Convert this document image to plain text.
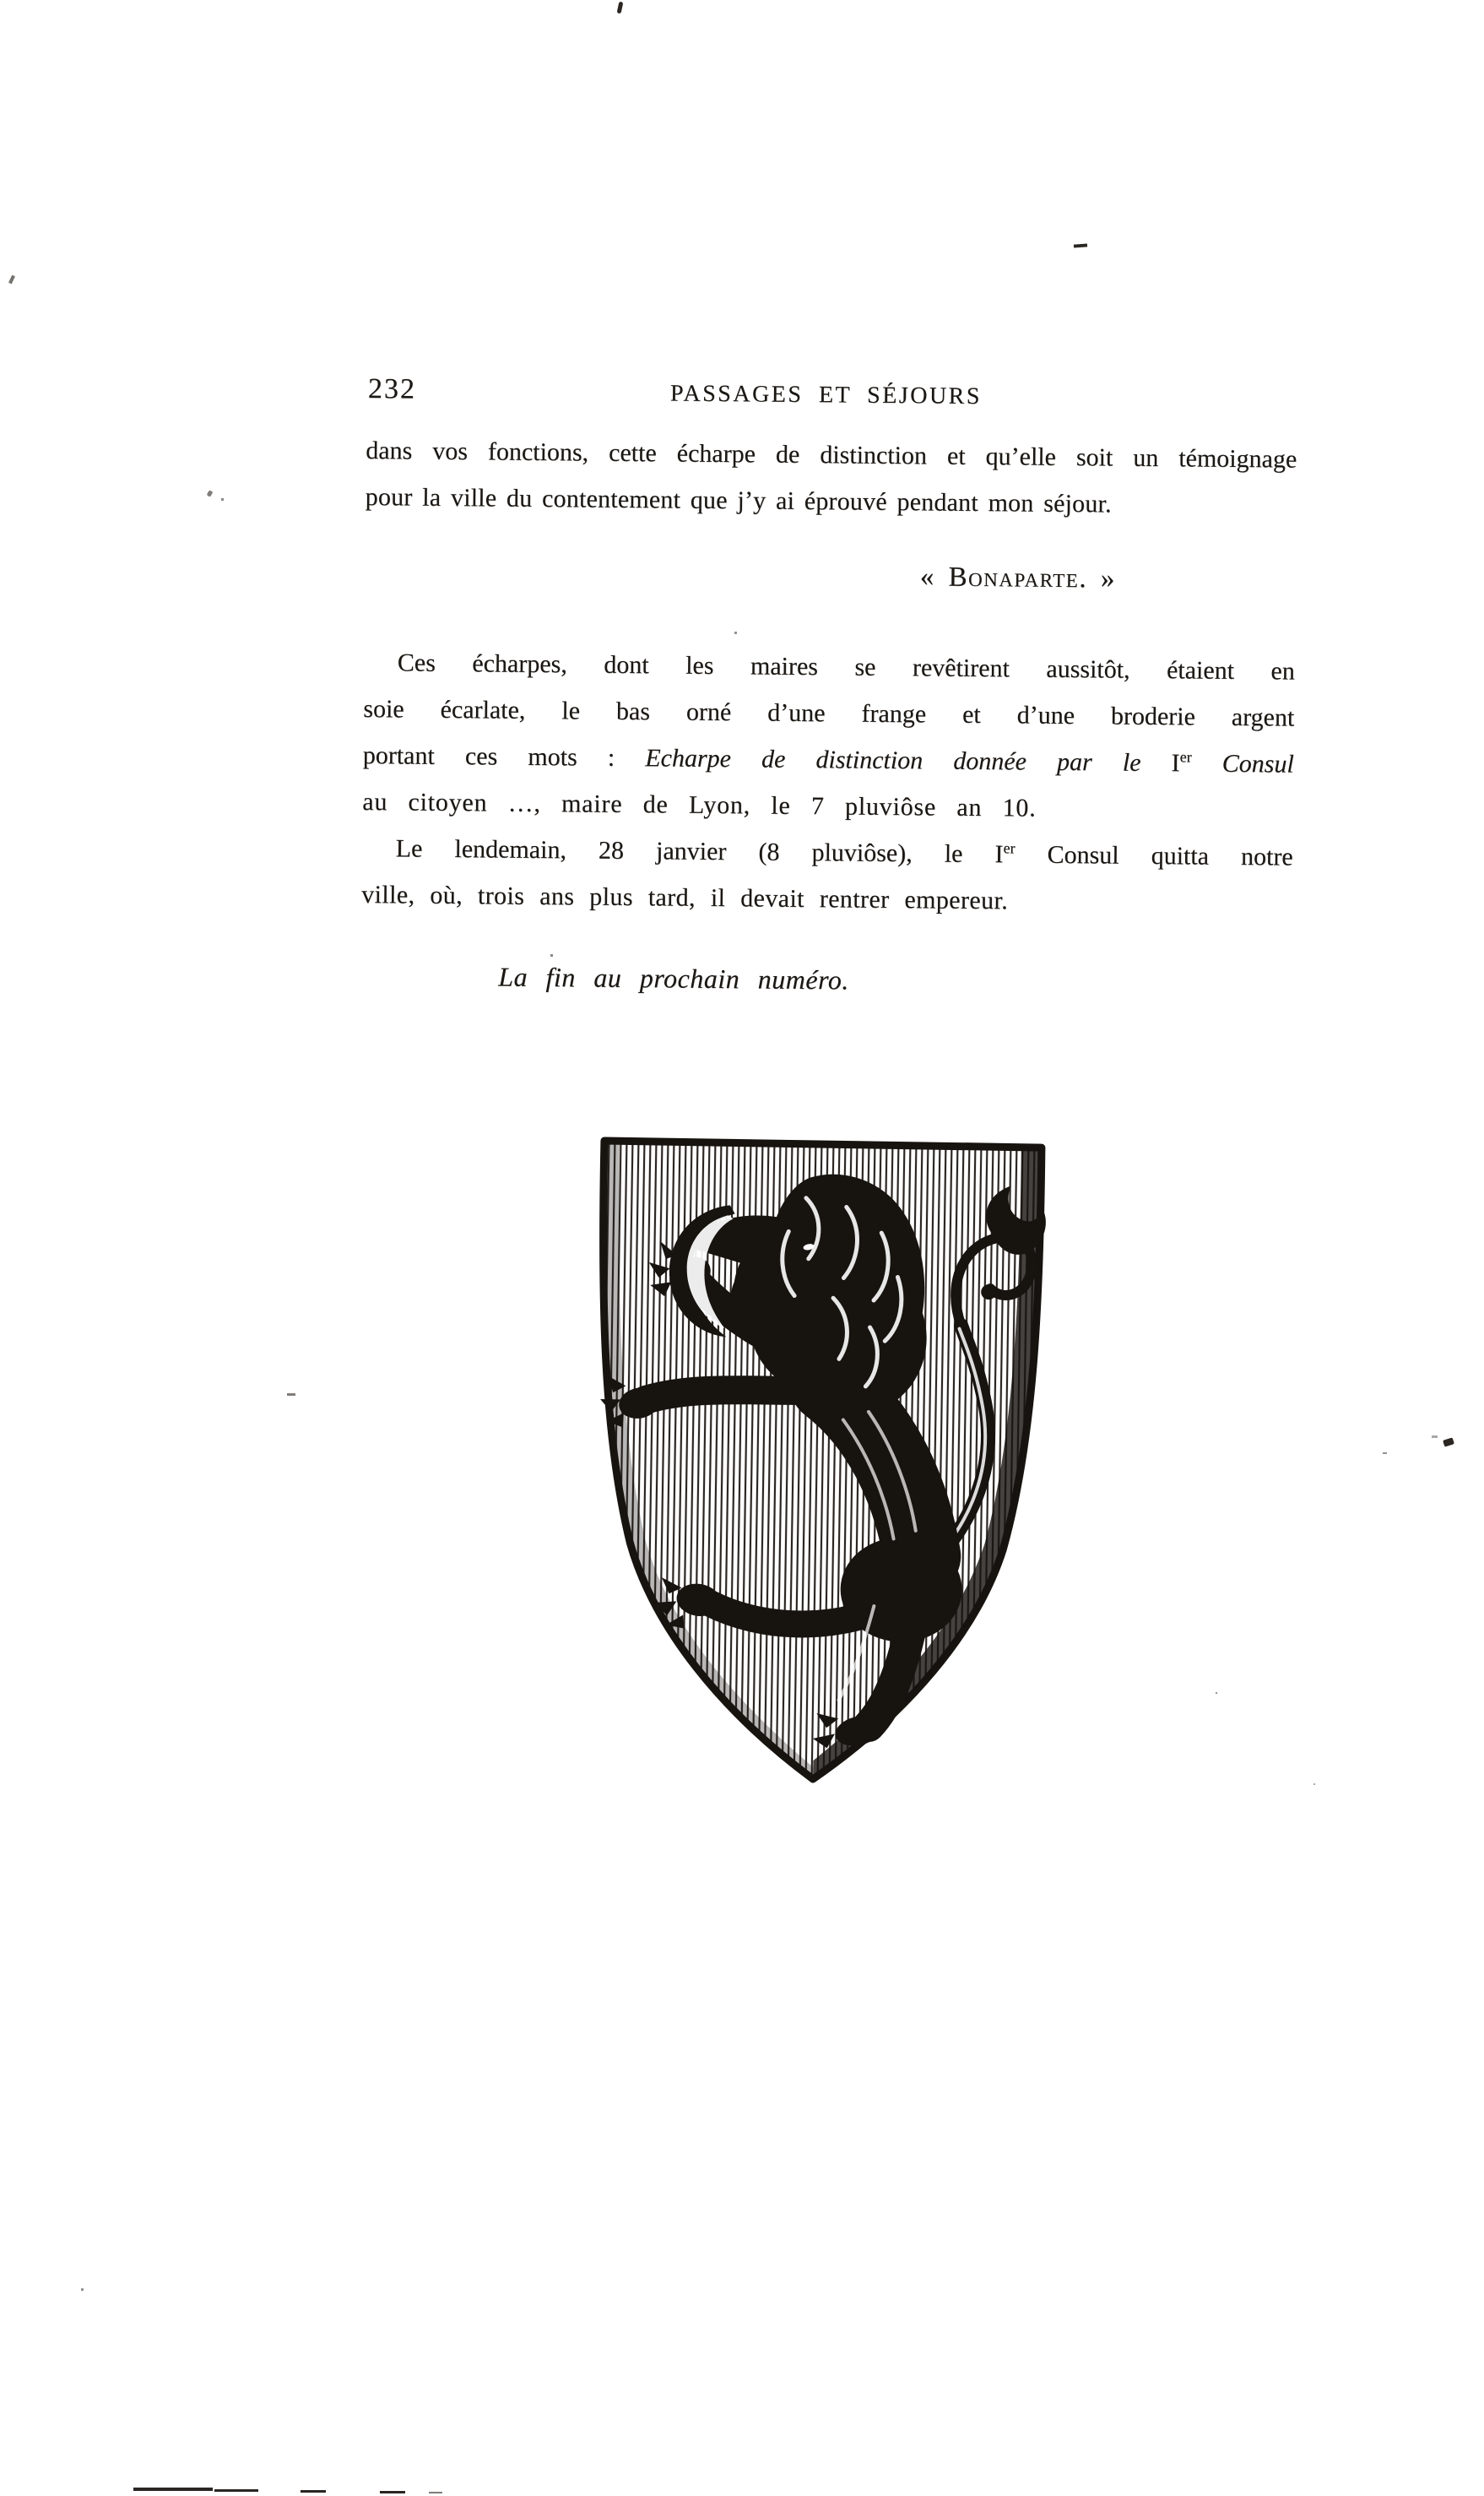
232	PASSAGES ET SÉJOURS
dans vos fonctions, cette écharpe de distinction et qu’elle soit un témoignage
pour la ville du contentement que j’y ai éprouvé pendant mon séjour.
« Bonaparte. »
Ces écharpes, dont les maires se revêtirent aussitôt, étaient en
soie écarlate, le bas orné d’une frange et d’une broderie argent
portant ces mots : Echarpe de distinction donnée par le Ier Consul
au citoyen …, maire de Lyon, le 7 pluviôse an 10.
Le lendemain, 28 janvier (8 pluviôse), le Ier Consul quitta notre
ville, où, trois ans plus tard, il devait rentrer empereur.
La fin au prochain numéro.
